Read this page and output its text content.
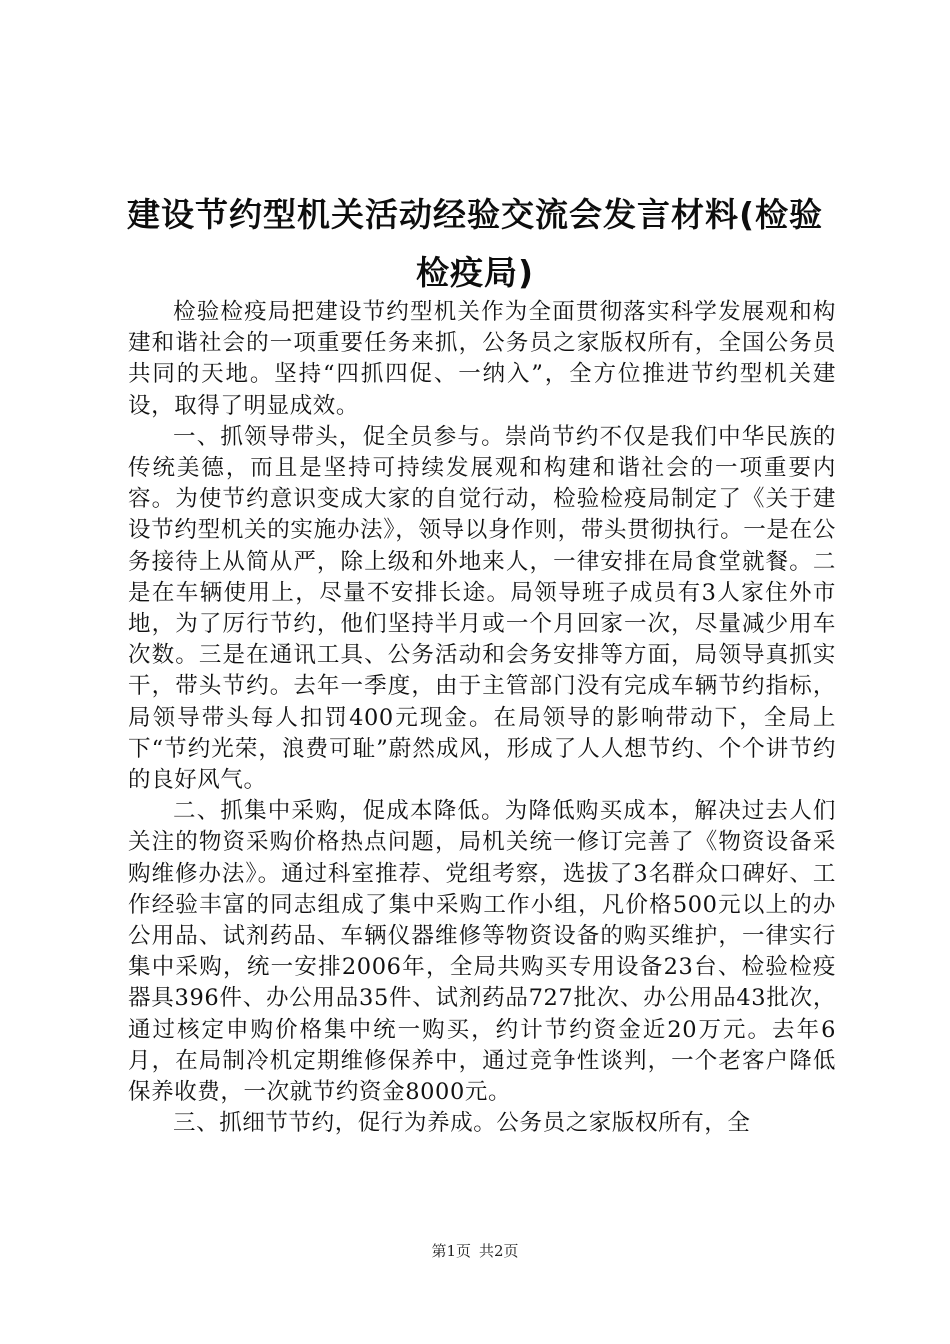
建设节约型机关活动经验交流会发言材料(检验检疫局)

检验检疫局把建设节约型机关作为全面贯彻落实科学发展观和构建和谐社会的一项重要任务来抓，公务员之家版权所有，全国公务员共同的天地。坚持“四抓四促、一纳入”，全方位推进节约型机关建设，取得了明显成效。

一、抓领导带头，促全员参与。崇尚节约不仅是我们中华民族的传统美德，而且是坚持可持续发展观和构建和谐社会的一项重要内容。为使节约意识变成大家的自觉行动，检验检疫局制定了《关于建设节约型机关的实施办法》，领导以身作则，带头贯彻执行。一是在公务接待上从简从严，除上级和外地来人，一律安排在局食堂就餐。二是在车辆使用上，尽量不安排长途。局领导班子成员有3人家住外市地，为了厉行节约，他们坚持半月或一个月回家一次，尽量减少用车次数。三是在通讯工具、公务活动和会务安排等方面，局领导真抓实干，带头节约。去年一季度，由于主管部门没有完成车辆节约指标，局领导带头每人扣罚400元现金。在局领导的影响带动下，全局上下“节约光荣，浪费可耻”蔚然成风，形成了人人想节约、个个讲节约的良好风气。

二、抓集中采购，促成本降低。为降低购买成本，解决过去人们关注的物资采购价格热点问题，局机关统一修订完善了《物资设备采购维修办法》。通过科室推荐、党组考察，选拔了3名群众口碑好、工作经验丰富的同志组成了集中采购工作小组，凡价格500元以上的办公用品、试剂药品、车辆仪器维修等物资设备的购买维护，一律实行集中采购，统一安排2006年，全局共购买专用设备23台、检验检疫器具396件、办公用品35件、试剂药品727批次、办公用品43批次，通过核定申购价格集中统一购买，约计节约资金近20万元。去年6月，在局制冷机定期维修保养中，通过竞争性谈判，一个老客户降低保养收费，一次就节约资金8000元。

三、抓细节节约，促行为养成。公务员之家版权所有，全

第1页 共2页
